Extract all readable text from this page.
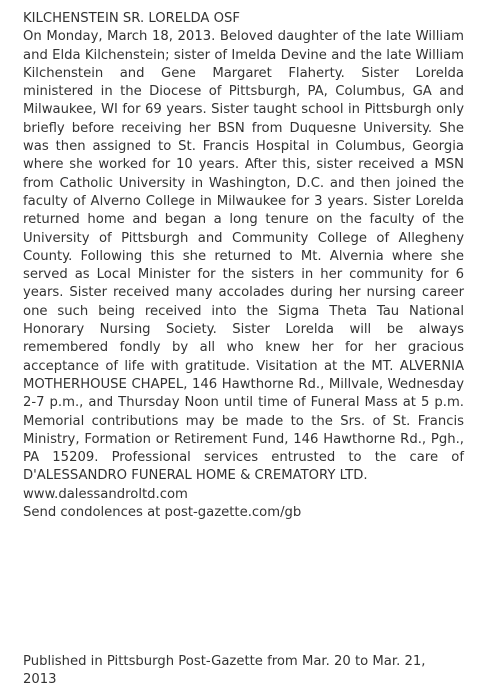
KILCHENSTEIN SR. LORELDA OSF

On Monday, March 18, 2013. Beloved daughter of the late William and Elda Kilchenstein; sister of Imelda Devine and the late William Kilchenstein and Gene Margaret Flaherty. Sister Lorelda ministered in the Diocese of Pittsburgh, PA, Columbus, GA and Milwaukee, WI for 69 years. Sister taught school in Pittsburgh only briefly before receiving her BSN from Duquesne University. She was then assigned to St. Francis Hospital in Columbus, Georgia where she worked for 10 years. After this, sister received a MSN from Catholic University in Washington, D.C. and then joined the faculty of Alverno College in Milwaukee for 3 years. Sister Lorelda returned home and began a long tenure on the faculty of the University of Pittsburgh and Community College of Allegheny County. Following this she returned to Mt. Alvernia where she served as Local Minister for the sisters in her community for 6 years. Sister received many accolades during her nursing career one such being received into the Sigma Theta Tau National Honorary Nursing Society. Sister Lorelda will be always remembered fondly by all who knew her for her gracious acceptance of life with gratitude. Visitation at the MT. ALVERNIA MOTHERHOUSE CHAPEL, 146 Hawthorne Rd., Millvale, Wednesday 2-7 p.m., and Thursday Noon until time of Funeral Mass at 5 p.m. Memorial contributions may be made to the Srs. of St. Francis Ministry, Formation or Retirement Fund, 146 Hawthorne Rd., Pgh., PA 15209. Professional services entrusted to the care of D'ALESSANDRO FUNERAL HOME & CREMATORY LTD.

www.dalessandroltd.com

Send condolences at post-gazette.com/gb

Published in Pittsburgh Post-Gazette from Mar. 20 to Mar. 21, 2013
